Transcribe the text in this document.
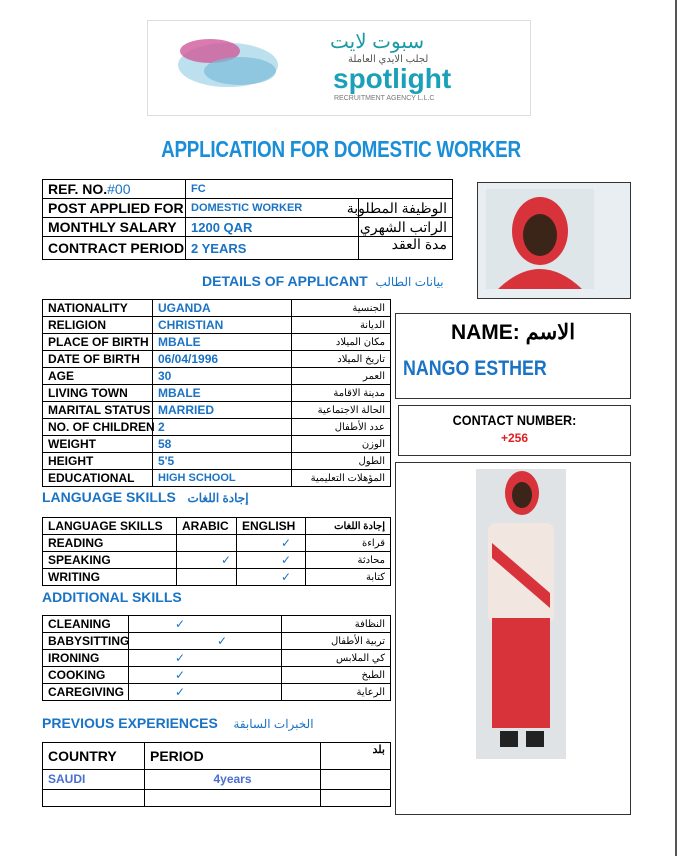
سبوت لايت
لجلب الايدي العاملة
spotlight
RECRUITMENT AGENCY L.L.C
APPLICATION FOR DOMESTIC WORKER
REF. NO.#00	FC	
POST APPLIED FOR	DOMESTIC WORKER	الوظيفة المطلوبة
MONTHLY SALARY	1200 QAR	الراتب الشهري
CONTRACT PERIOD	2 YEARS	مدة العقد
DETAILS OF APPLICANT بيانات الطالب
NATIONALITY	UGANDA	الجنسية
RELIGION	CHRISTIAN	الديانة
PLACE OF BIRTH	MBALE	مكان الميلاد
DATE OF BIRTH	06/04/1996	تاريخ الميلاد
AGE	30	العمر
LIVING TOWN	MBALE	مدينة الاقامة
MARITAL STATUS	MARRIED	الحالة الاجتماعية
NO. OF CHILDREN	2	عدد الأطفال
WEIGHT	58	الوزن
HEIGHT	5'5	الطول
EDUCATIONAL	HIGH SCHOOL	المؤهلات التعليمية
NAME: الاسم
NANGO ESTHER
CONTACT NUMBER:
+256
LANGUAGE SKILLS إجادة اللغات
LANGUAGE SKILLS	ARABIC	ENGLISH	إجادة اللغات
READING		✓	قراءة
SPEAKING	✓	✓	محادثة
WRITING		✓	كتابة
ADDITIONAL SKILLS
CLEANING	✓	النظافة
BABYSITTING	✓	تربية الأطفال
IRONING	✓	كي الملابس
COOKING	✓	الطبخ
CAREGIVING	✓	الرعاية
PREVIOUS EXPERIENCES الخبرات السابقة
COUNTRY	PERIOD	بلد
SAUDI	4years	
